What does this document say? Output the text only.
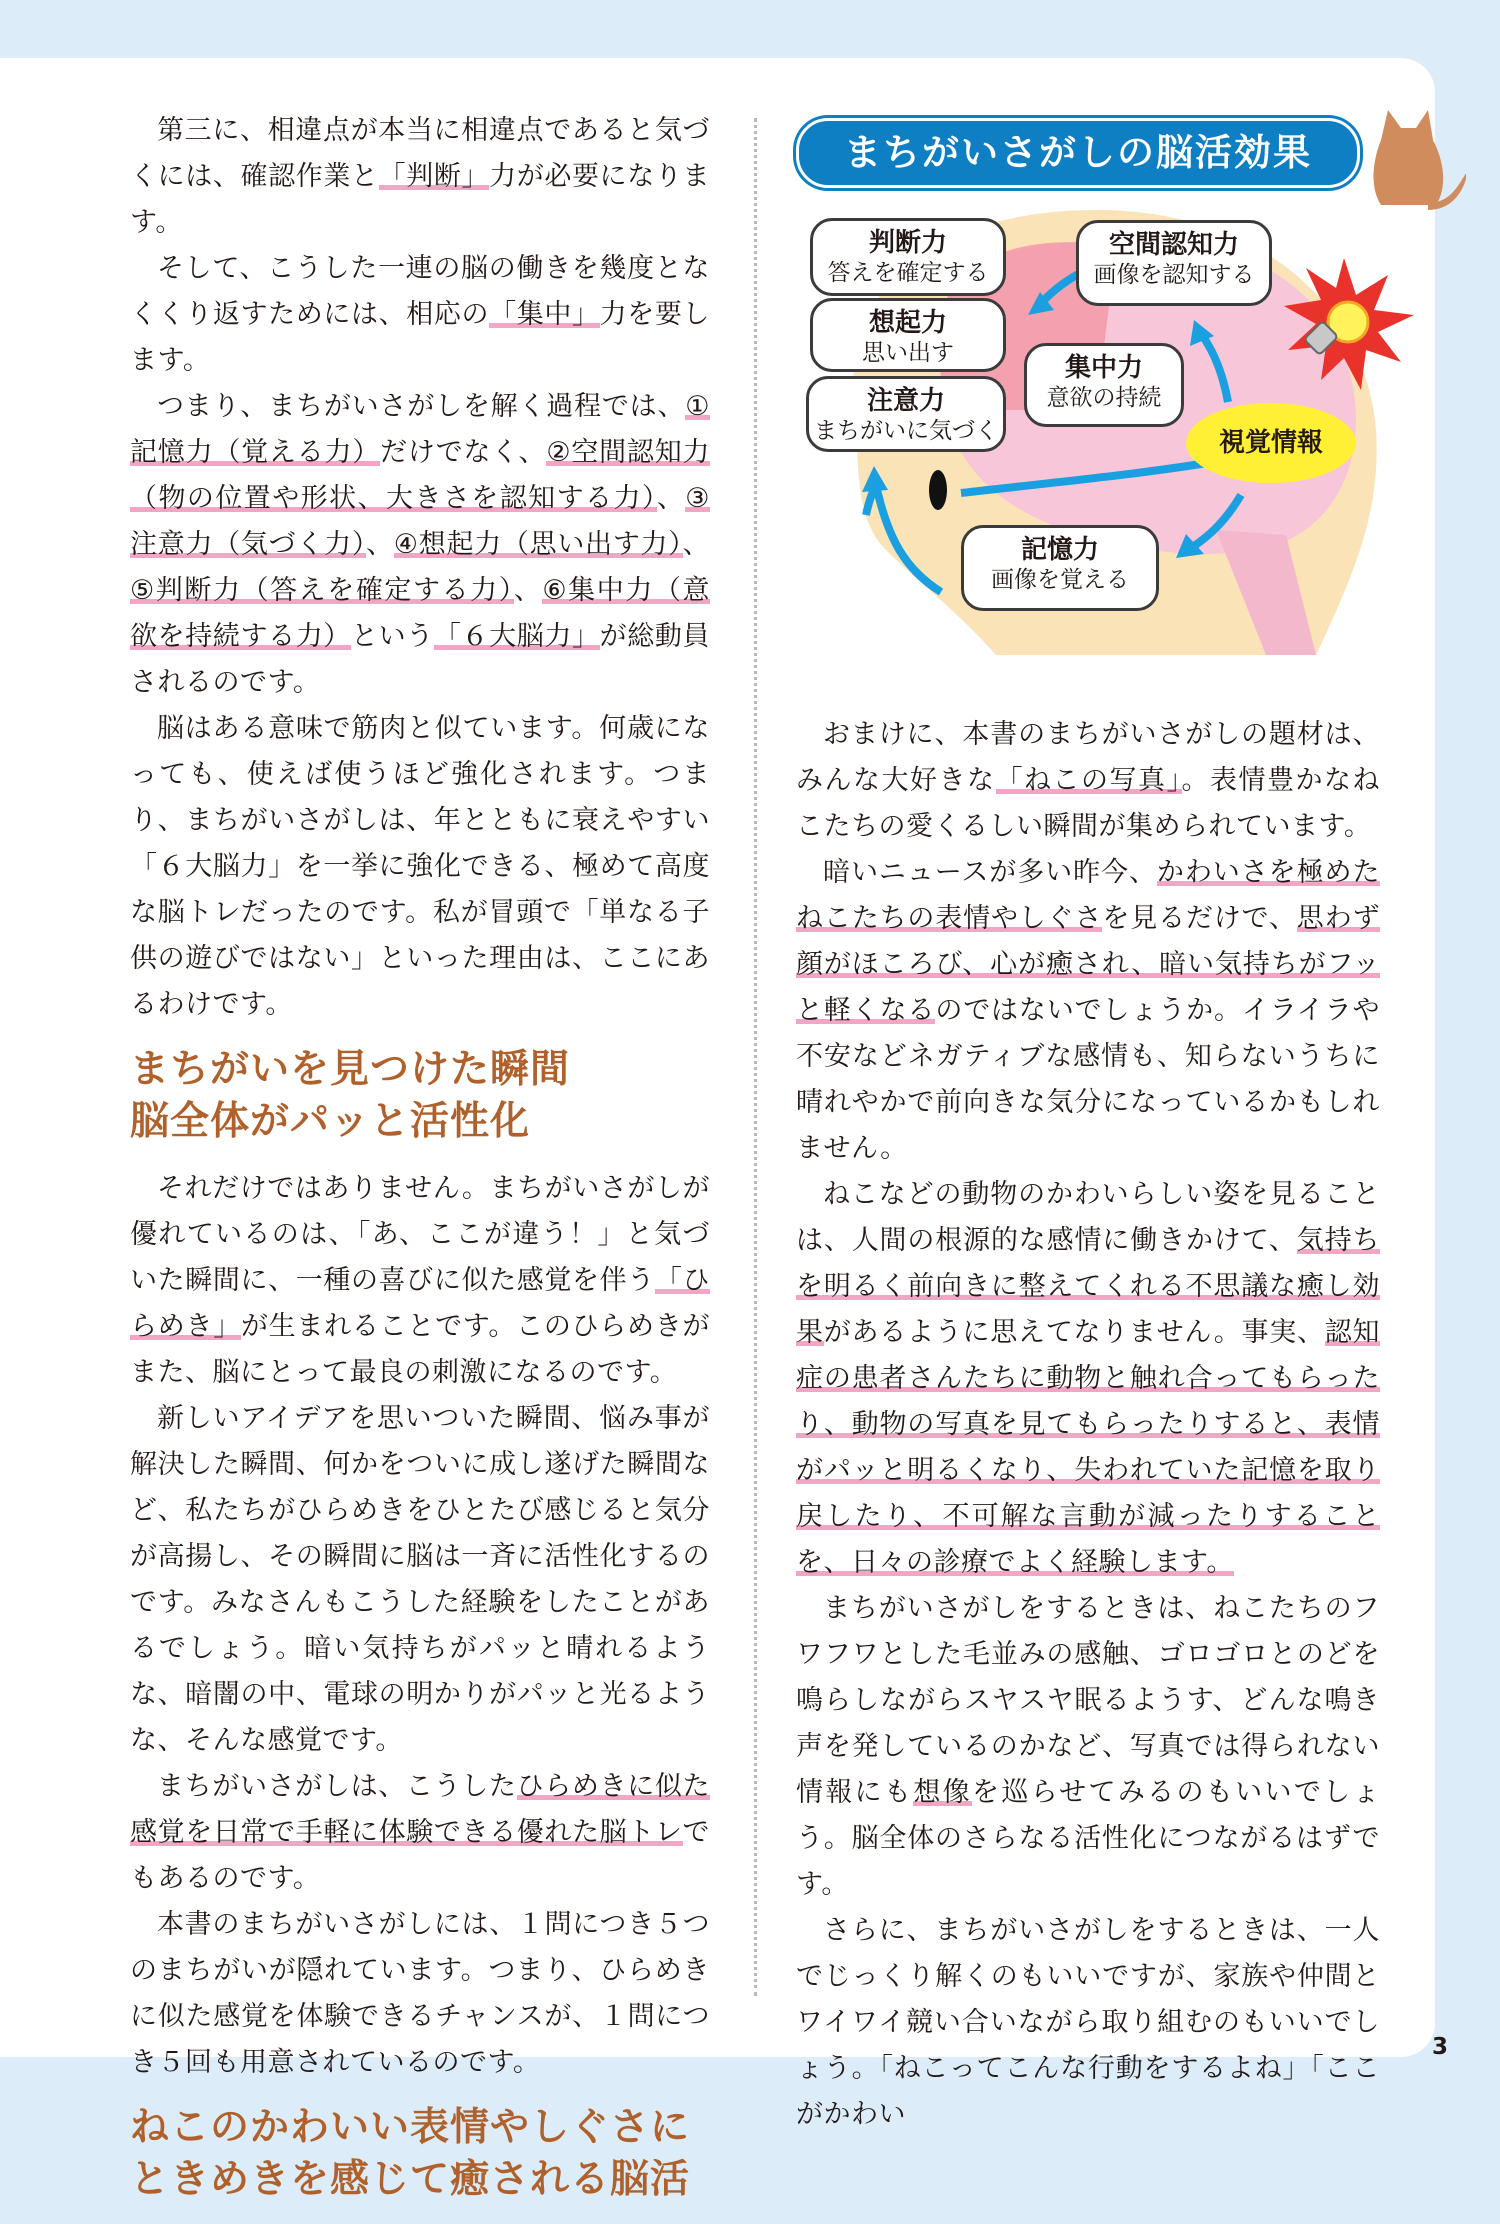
まちがいさがしの脳活効果
判断力
答えを確定する
空間認知力
画像を認知する
想起力
思い出す	集中力
意欲の持続
注意力
まちがいに気づく
記憶力
画像を覚える
視覚情報

第三に、相違点が本当に相違点であると気づくには、確認作業と「判断」力が必要になります。

そして、こうした一連の脳の働きを幾度となくくり返すためには、相応の「集中」力を要します。

つまり、まちがいさがしを解く過程では、①記憶力（覚える力）だけでなく、②空間認知力（物の位置や形状、大きさを認知する力）、③注意力（気づく力）、④想起力（思い出す力）、⑤判断力（答えを確定する力）、⑥集中力（意欲を持続する力）という「６大脳力」が総動員されるのです。

脳はある意味で筋肉と似ています。何歳になっても、使えば使うほど強化されます。つまり、まちがいさがしは、年とともに衰えやすい「６大脳力」を一挙に強化できる、極めて高度な脳トレだったのです。私が冒頭で「単なる子供の遊びではない」といった理由は、ここにあるわけです。

まちがいを見つけた瞬間
脳全体がパッと活性化

それだけではありません。まちがいさがしが優れているのは、「あ、ここが違う！」と気づいた瞬間に、一種の喜びに似た感覚を伴う「ひらめき」が生まれることです。このひらめきがまた、脳にとって最良の刺激になるのです。

新しいアイデアを思いついた瞬間、悩み事が解決した瞬間、何かをついに成し遂げた瞬間など、私たちがひらめきをひとたび感じると気分が高揚し、その瞬間に脳は一斉に活性化するのです。みなさんもこうした経験をしたことがあるでしょう。暗い気持ちがパッと晴れるような、暗闇の中、電球の明かりがパッと光るような、そんな感覚です。

まちがいさがしは、こうしたひらめきに似た感覚を日常で手軽に体験できる優れた脳トレでもあるのです。

本書のまちがいさがしには、１問につき５つのまちがいが隠れています。つまり、ひらめきに似た感覚を体験できるチャンスが、１問につき５回も用意されているのです。

ねこのかわいい表情やしぐさに
ときめきを感じて癒される脳活

おまけに、本書のまちがいさがしの題材は、みんな大好きな「ねこの写真」。表情豊かなねこたちの愛くるしい瞬間が集められています。

暗いニュースが多い昨今、かわいさを極めたねこたちの表情やしぐさを見るだけで、思わず顔がほころび、心が癒され、暗い気持ちがフッと軽くなるのではないでしょうか。イライラや不安などネガティブな感情も、知らないうちに晴れやかで前向きな気分になっているかもしれません。

ねこなどの動物のかわいらしい姿を見ることは、人間の根源的な感情に働きかけて、気持ちを明るく前向きに整えてくれる不思議な癒し効果があるように思えてなりません。事実、認知症の患者さんたちに動物と触れ合ってもらったり、動物の写真を見てもらったりすると、表情がパッと明るくなり、失われていた記憶を取り戻したり、不可解な言動が減ったりすることを、日々の診療でよく経験します。

まちがいさがしをするときは、ねこたちのフワフワとした毛並みの感触、ゴロゴロとのどを鳴らしながらスヤスヤ眠るようす、どんな鳴き声を発しているのかなど、写真では得られない情報にも想像を巡らせてみるのもいいでしょう。脳全体のさらなる活性化につながるはずです。

さらに、まちがいさがしをするときは、一人でじっくり解くのもいいですが、家族や仲間とワイワイ競い合いながら取り組むのもいいでしょう。「ねこってこんな行動をするよね」「ここがかわい

3
